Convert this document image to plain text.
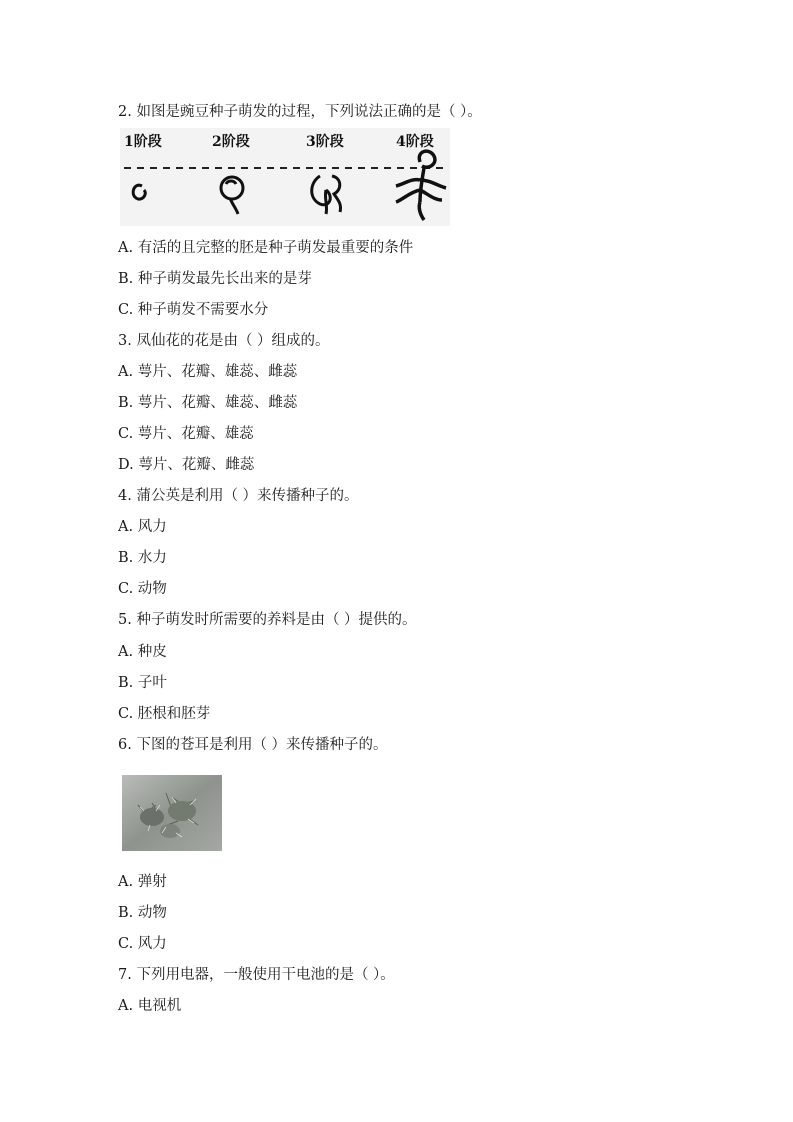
2. 如图是豌豆种子萌发的过程，下列说法正确的是（ ）。
1阶段	2阶段	3阶段	4阶段
A. 有活的且完整的胚是种子萌发最重要的条件
B. 种子萌发最先长出来的是芽
C. 种子萌发不需要水分
3. 凤仙花的花是由（ ）组成的。
A. 萼片、花瓣、雄蕊、雌蕊
B. 萼片、花瓣、雄蕊、雌蕊
C. 萼片、花瓣、雄蕊
D. 萼片、花瓣、雌蕊
4. 蒲公英是利用（ ）来传播种子的。
A. 风力
B. 水力
C. 动物
5. 种子萌发时所需要的养料是由（ ）提供的。
A. 种皮
B. 子叶
C. 胚根和胚芽
6. 下图的苍耳是利用（ ）来传播种子的。
A. 弹射
B. 动物
C. 风力
7. 下列用电器，一般使用干电池的是（ ）。
A. 电视机
